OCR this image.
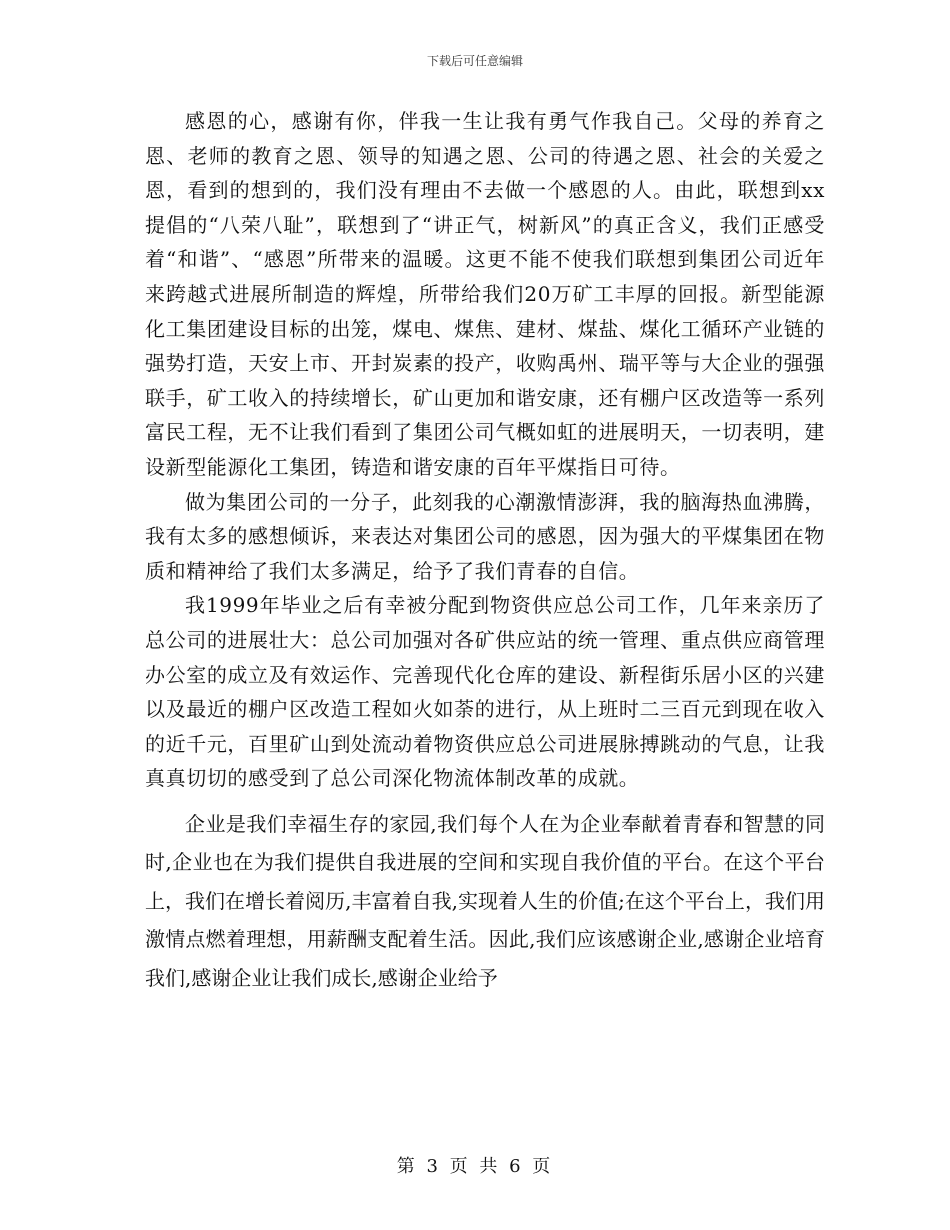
下载后可任意编辑

感恩的心，感谢有你，伴我一生让我有勇气作我自己。父母的养育之恩、老师的教育之恩、领导的知遇之恩、公司的待遇之恩、社会的关爱之恩，看到的想到的，我们没有理由不去做一个感恩的人。由此，联想到xx提倡的“八荣八耻”，联想到了“讲正气，树新风”的真正含义，我们正感受着“和谐”、“感恩”所带来的温暖。这更不能不使我们联想到集团公司近年来跨越式进展所制造的辉煌，所带给我们20万矿工丰厚的回报。新型能源化工集团建设目标的出笼，煤电、煤焦、建材、煤盐、煤化工循环产业链的强势打造，天安上市、开封炭素的投产，收购禹州、瑞平等与大企业的强强联手，矿工收入的持续增长，矿山更加和谐安康，还有棚户区改造等一系列富民工程，无不让我们看到了集团公司气概如虹的进展明天，一切表明，建设新型能源化工集团，铸造和谐安康的百年平煤指日可待。

做为集团公司的一分子，此刻我的心潮激情澎湃，我的脑海热血沸腾，我有太多的感想倾诉，来表达对集团公司的感恩，因为强大的平煤集团在物质和精神给了我们太多满足，给予了我们青春的自信。

我1999年毕业之后有幸被分配到物资供应总公司工作，几年来亲历了总公司的进展壮大：总公司加强对各矿供应站的统一管理、重点供应商管理办公室的成立及有效运作、完善现代化仓库的建设、新程街乐居小区的兴建以及最近的棚户区改造工程如火如荼的进行，从上班时二三百元到现在收入的近千元，百里矿山到处流动着物资供应总公司进展脉搏跳动的气息，让我真真切切的感受到了总公司深化物流体制改革的成就。

企业是我们幸福生存的家园,我们每个人在为企业奉献着青春和智慧的同时,企业也在为我们提供自我进展的空间和实现自我价值的平台。在这个平台上，我们在增长着阅历,丰富着自我,实现着人生的价值;在这个平台上，我们用激情点燃着理想，用薪酬支配着生活。因此,我们应该感谢企业,感谢企业培育我们,感谢企业让我们成长,感谢企业给予

第 3 页 共 6 页
